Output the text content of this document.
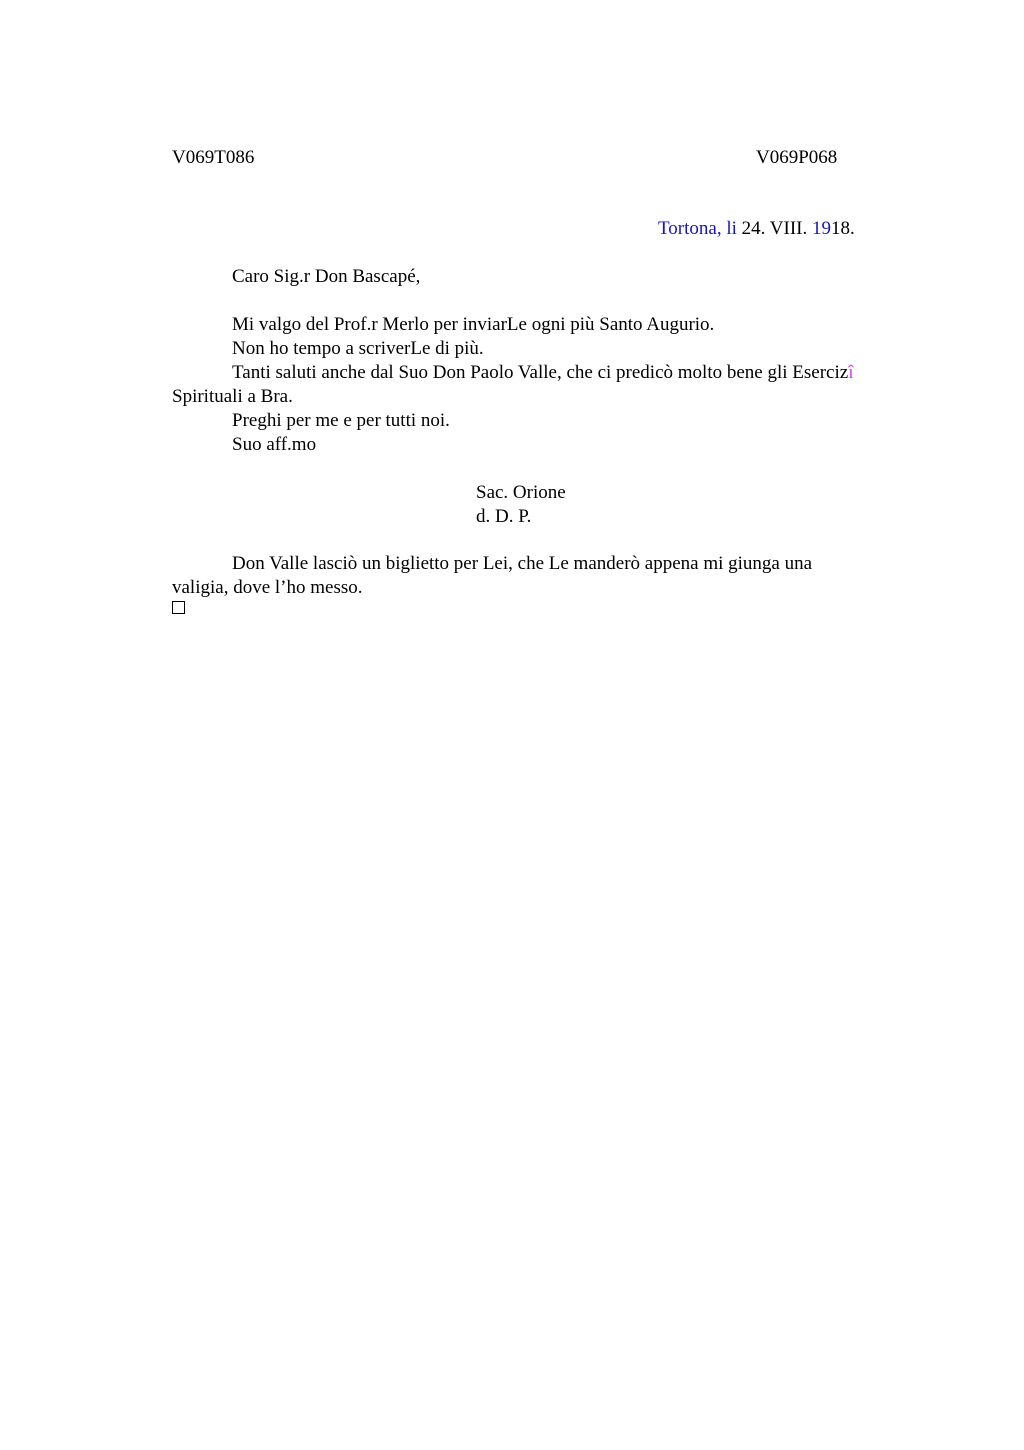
V069T086	V069P068
Tortona, li 24. VIII. 1918.
Caro Sig.r Don Bascapé,
Mi valgo del Prof.r Merlo per inviarLe ogni più Santo Augurio.
Non ho tempo a scriverLe di più.
Tanti saluti anche dal Suo Don Paolo Valle, che ci predicò molto bene gli Esercizî
Spirituali a Bra.
Preghi per me e per tutti noi.
Suo aff.mo
Sac. Orione
d. D. P.
Don Valle lasciò un biglietto per Lei, che Le manderò appena mi giunga una
valigia, dove l’ho messo.
